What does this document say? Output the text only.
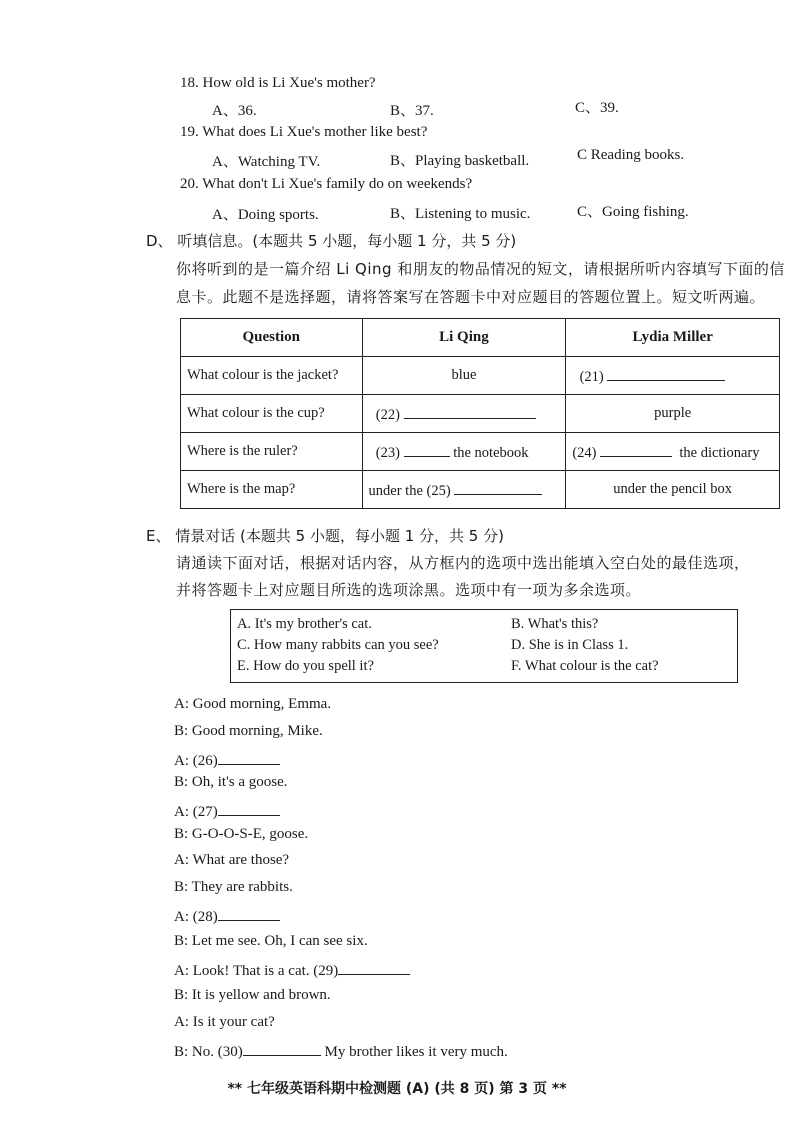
18. How old is Li Xue's mother?
A、36.	B、37.	C、39.
19. What does Li Xue's mother like best?
A、Watching TV.	B、Playing basketball.	C Reading books.
20. What don't Li Xue's family do on weekends?
A、Doing sports.	B、Listening to music.	C、Going fishing.
D、 听填信息。(本题共 5 小题，每小题 1 分，共 5 分)
你将听到的是一篇介绍 Li Qing 和朋友的物品情况的短文，请根据所听内容填写下面的信
息卡。此题不是选择题，请将答案写在答题卡中对应题目的答题位置上。短文听两遍。
Question	Li Qing	Lydia Miller
What colour is the jacket?	blue	(21)
What colour is the cup?	(22)	purple
Where is the ruler?	(23) the notebook	(24) the dictionary
Where is the map?	under the (25)	under the pencil box
E、 情景对话 (本题共 5 小题，每小题 1 分，共 5 分)
请通读下面对话，根据对话内容，从方框内的选项中选出能填入空白处的最佳选项，
并将答题卡上对应题目所选的选项涂黑。选项中有一项为多余选项。
A. It's my brother's cat.	B. What's this?
C. How many rabbits can you see?	D. She is in Class 1.
E. How do you spell it?	F. What colour is the cat?
A: Good morning, Emma.
B: Good morning, Mike.
A: (26)
B: Oh, it's a goose.
A: (27)
B: G-O-O-S-E, goose.
A: What are those?
B: They are rabbits.
A: (28)
B: Let me see. Oh, I can see six.
A: Look! That is a cat. (29)
B: It is yellow and brown.
A: Is it your cat?
B: No. (30)	My brother likes it very much.
** 七年级英语科期中检测题 (A) (共 8 页) 第 3 页 **
